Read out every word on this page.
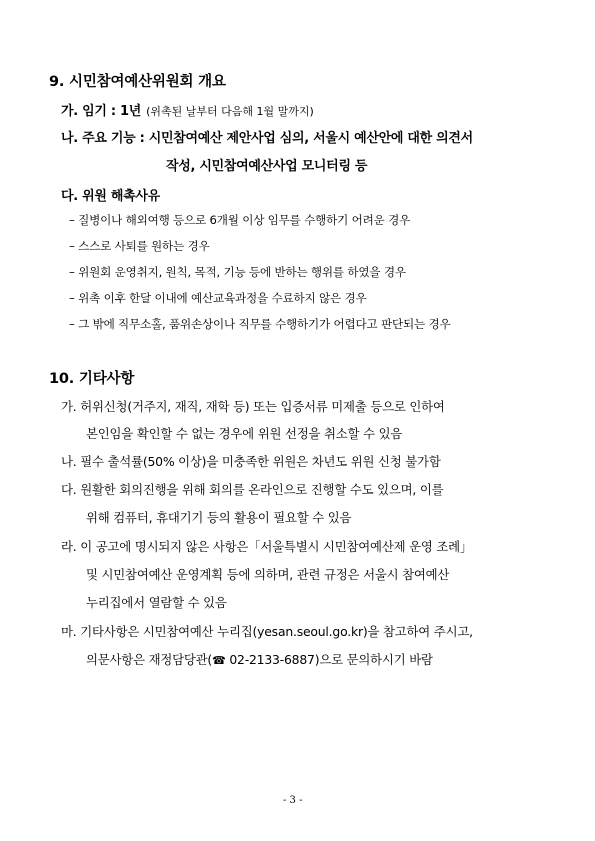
9. 시민참여예산위원회 개요
가. 임기 : 1년 (위촉된 날부터 다음해 1월 말까지)
나. 주요 기능 : 시민참여예산 제안사업 심의, 서울시 예산안에 대한 의견서
작성, 시민참여예산사업 모니터링 등
다. 위원 해촉사유
– 질병이나 해외여행 등으로 6개월 이상 임무를 수행하기 어려운 경우
– 스스로 사퇴를 원하는 경우
– 위원회 운영취지, 원칙, 목적, 기능 등에 반하는 행위를 하였을 경우
– 위촉 이후 한달 이내에 예산교육과정을 수료하지 않은 경우
– 그 밖에 직무소홀, 품위손상이나 직무를 수행하기가 어렵다고 판단되는 경우
10. 기타사항
가. 허위신청(거주지, 재직, 재학 등) 또는 입증서류 미제출 등으로 인하여
본인임을 확인할 수 없는 경우에 위원 선정을 취소할 수 있음
나. 필수 출석률(50% 이상)을 미충족한 위원은 차년도 위원 신청 불가함
다. 원활한 회의진행을 위해 회의를 온라인으로 진행할 수도 있으며, 이를
위해 컴퓨터, 휴대기기 등의 활용이 필요할 수 있음
라. 이 공고에 명시되지 않은 사항은「서울특별시 시민참여예산제 운영 조례」
및 시민참여예산 운영계획 등에 의하며, 관련 규정은 서울시 참여예산
누리집에서 열람할 수 있음
마. 기타사항은 시민참여예산 누리집(yesan.seoul.go.kr)을 참고하여 주시고,
의문사항은 재정담당관(☎ 02-2133-6887)으로 문의하시기 바람
- 3 -
